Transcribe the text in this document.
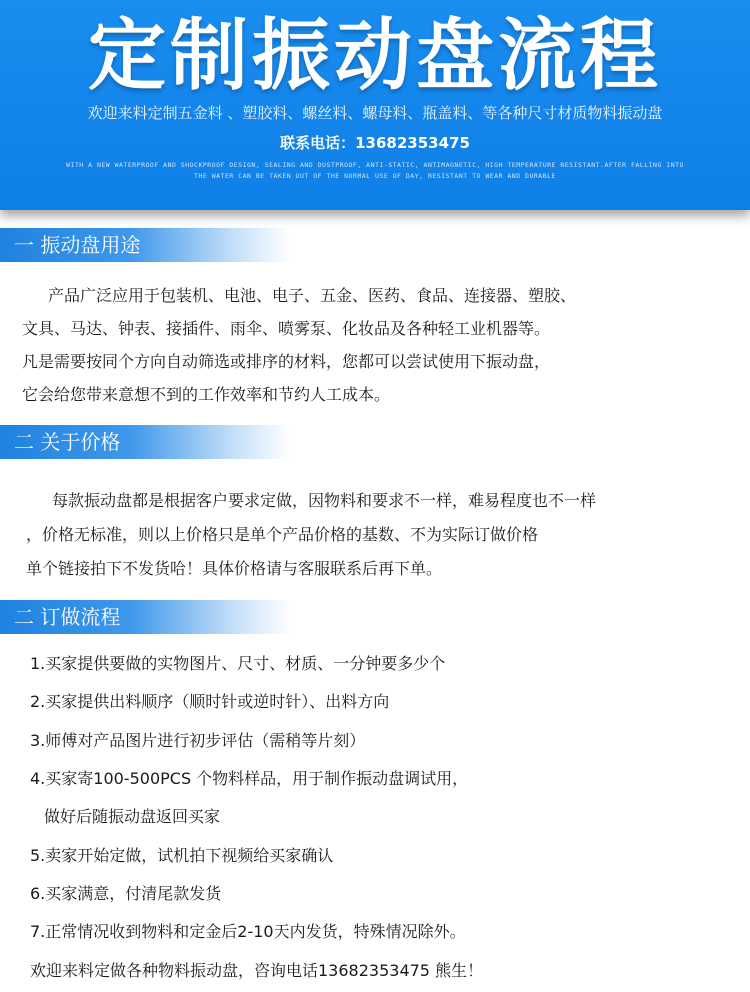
定制振动盘流程
欢迎来料定制五金料 、塑胶料、螺丝料、螺母料、瓶盖料、等各种尺寸材质物料振动盘
联系电话：13682353475
WITH A NEW WATERPROOF AND SHOCKPROOF DESIGN, SEALING AND DUSTPROOF, ANTI-STATIC, ANTIMAGNETIC, HIGH TEMPERATURE RESISTANT.AFTER FALLING INTO THE WATER CAN BE TAKEN OUT OF THE NORMAL USE OF DAY, RESISTANT TO WEAR AND DURABLE
一 振动盘用途
产品广泛应用于包装机、电池、电子、五金、医药、食品、连接器、塑胶、
文具、马达、钟表、接插件、雨伞、喷雾泵、化妆品及各种轻工业机器等。
凡是需要按同个方向自动筛选或排序的材料，您都可以尝试使用下振动盘，
它会给您带来意想不到的工作效率和节约人工成本。
二 关于价格
每款振动盘都是根据客户要求定做，因物料和要求不一样，难易程度也不一样
，价格无标准，则以上价格只是单个产品价格的基数、不为实际订做价格
单个链接拍下不发货哈！具体价格请与客服联系后再下单。
二 订做流程
1.买家提供要做的实物图片、尺寸、材质、一分钟要多少个
2.买家提供出料顺序（顺时针或逆时针）、出料方向
3.师傅对产品图片进行初步评估（需稍等片刻）
4.买家寄100-500PCS 个物料样品，用于制作振动盘调试用，
做好后随振动盘返回买家
5.卖家开始定做，试机拍下视频给买家确认
6.买家满意，付清尾款发货
7.正常情况收到物料和定金后2-10天内发货，特殊情况除外。
欢迎来料定做各种物料振动盘，咨询电话13682353475 熊生！
